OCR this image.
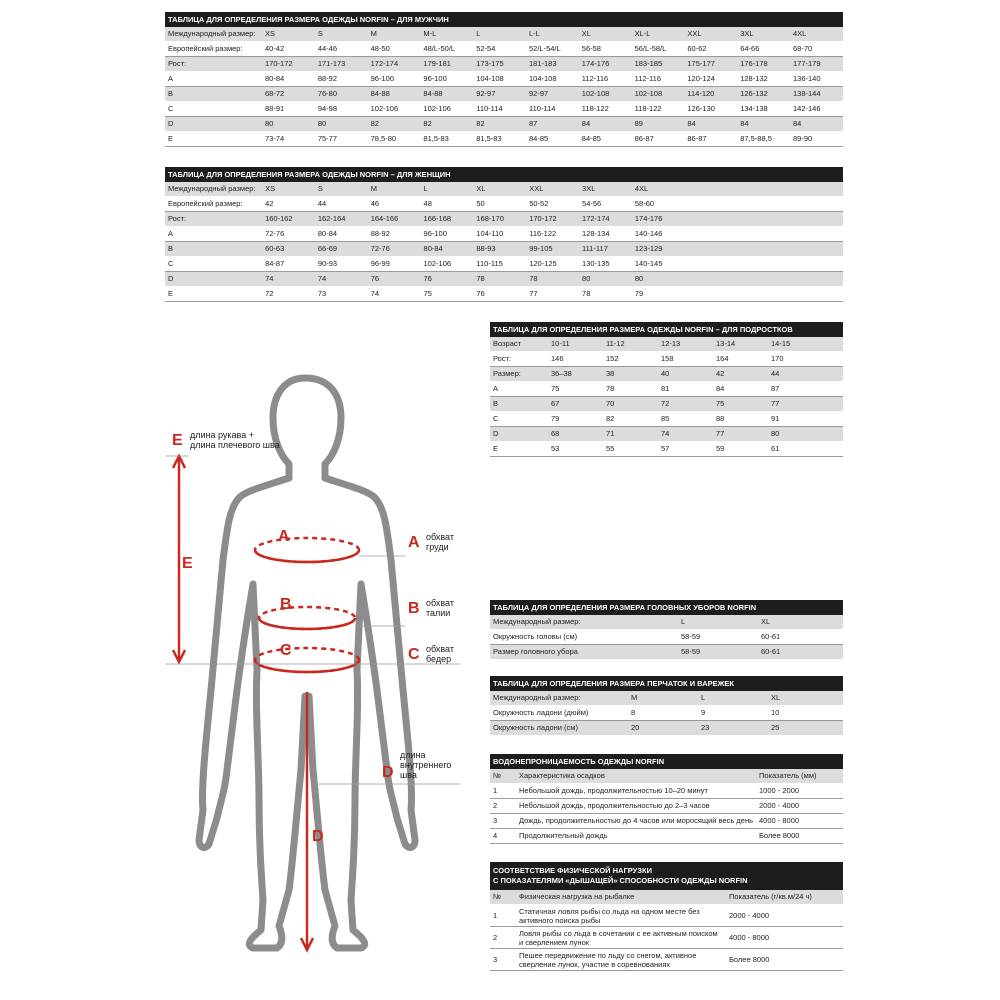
ТАБЛИЦА ДЛЯ ОПРЕДЕЛЕНИЯ РАЗМЕРА ОДЕЖДЫ NORFIN – ДЛЯ МУЖЧИН											
Международный размер:	XS	S	M	M-L	L	L-L	XL	XL-L	XXL	3XL	4XL
Европейский размер:	40-42	44-46	48-50	48/L-50/L	52-54	52/L-54/L	56-58	56/L-58/L	60-62	64-66	68-70
Рост:	170-172	171-173	172-174	179-181	173-175	181-183	174-176	183-185	175-177	176-178	177-179
A	80-84	88-92	96-100	96-100	104-108	104-108	112-116	112-116	120-124	128-132	136-140
B	68-72	76-80	84-88	84-88	92-97	92-97	102-108	102-108	114-120	126-132	138-144
C	88-91	94-98	102-106	102-106	110-114	110-114	118-122	118-122	126-130	134-138	142-146
D	80	80	82	82	82	87	84	89	84	84	84
E	73-74	75-77	78,5-80	81,5-83	81,5-83	84-85	84-85	86-87	86-87	87,5-88,5	89-90
ТАБЛИЦА ДЛЯ ОПРЕДЕЛЕНИЯ РАЗМЕРА ОДЕЖДЫ NORFIN – ДЛЯ ЖЕНЩИН									
Международный размер:	XS	S	M	L	XL	XXL	3XL	4XL	
Европейский размер:	42	44	46	48	50	50-52	54-56	58-60	
Рост:	160-162	162-164	164-166	166-168	168-170	170-172	172-174	174-176	
A	72-76	80-84	88-92	96-100	104-110	116-122	128-134	140-146	
B	60-63	66-69	72-76	80-84	88-93	99-105	111-117	123-129	
C	84-87	90-93	96-99	102-106	110-115	120-125	130-135	140-145	
D	74	74	76	76	78	78	80	80	
E	72	73	74	75	76	77	78	79	
ТАБЛИЦА ДЛЯ ОПРЕДЕЛЕНИЯ РАЗМЕРА ОДЕЖДЫ NORFIN – ДЛЯ ПОДРОСТКОВ						
Возраст	10-11	11-12	12-13	13-14	14-15	
Рост:	146	152	158	164	170	
Размер:	36–38	38	40	42	44	
A	75	78	81	84	87	
B	67	70	72	75	77	
C	79	82	85	88	91	
D	68	71	74	77	80	
E	53	55	57	59	61	
ТАБЛИЦА ДЛЯ ОПРЕДЕЛЕНИЯ РАЗМЕРА ГОЛОВНЫХ УБОРОВ NORFIN		
Международный размер:	L	XL
Окружность головы (см)	58-59	60-61
Размер головного убора	58-59	60-61
ТАБЛИЦА ДЛЯ ОПРЕДЕЛЕНИЯ РАЗМЕРА ПЕРЧАТОК И ВАРЕЖЕК			
Международный размер:	M	L	XL
Окружность ладони (дюйм)	8	9	10
Окружность ладони (см)	20	23	25
ВОДОНЕПРОНИЦАЕМОСТЬ ОДЕЖДЫ NORFIN		
№	Характеристика осадков	Показатель (мм)
1	Небольшой дождь, продолжительностью 10–20 минут	1000 - 2000
2	Небольшой дождь, продолжительностью до 2–3 часов	2000 - 4000
3	Дождь, продолжительностью до 4 часов или моросящий весь день	4000 - 8000
4	Продолжительный дождь	Более 8000
СООТВЕТСТВИЕ ФИЗИЧЕСКОЙ НАГРУЗКИ
С ПОКАЗАТЕЛЯМИ «ДЫШАЩЕЙ» СПОСОБНОСТИ ОДЕЖДЫ NORFIN		

№	Физическая нагрузка на рыбалке	Показатель (г/кв.м/24 ч)
1	Статичная ловля рыбы со льда на одном месте без активного поиска рыбы	2000 - 4000
2	Ловля рыбы со льда в сочетании с ее активным поиском и сверлением лунок	4000 - 8000
3	Пешее передвижение по льду со снегом, активное сверление лунок, участие в соревнованиях	Более 8000
E длина рукава +
длина плечевого шва
E
A	A обхват
груди
B	B обхват
талии
C	C обхват
бедер
D
длина
внутреннего
шва
D
